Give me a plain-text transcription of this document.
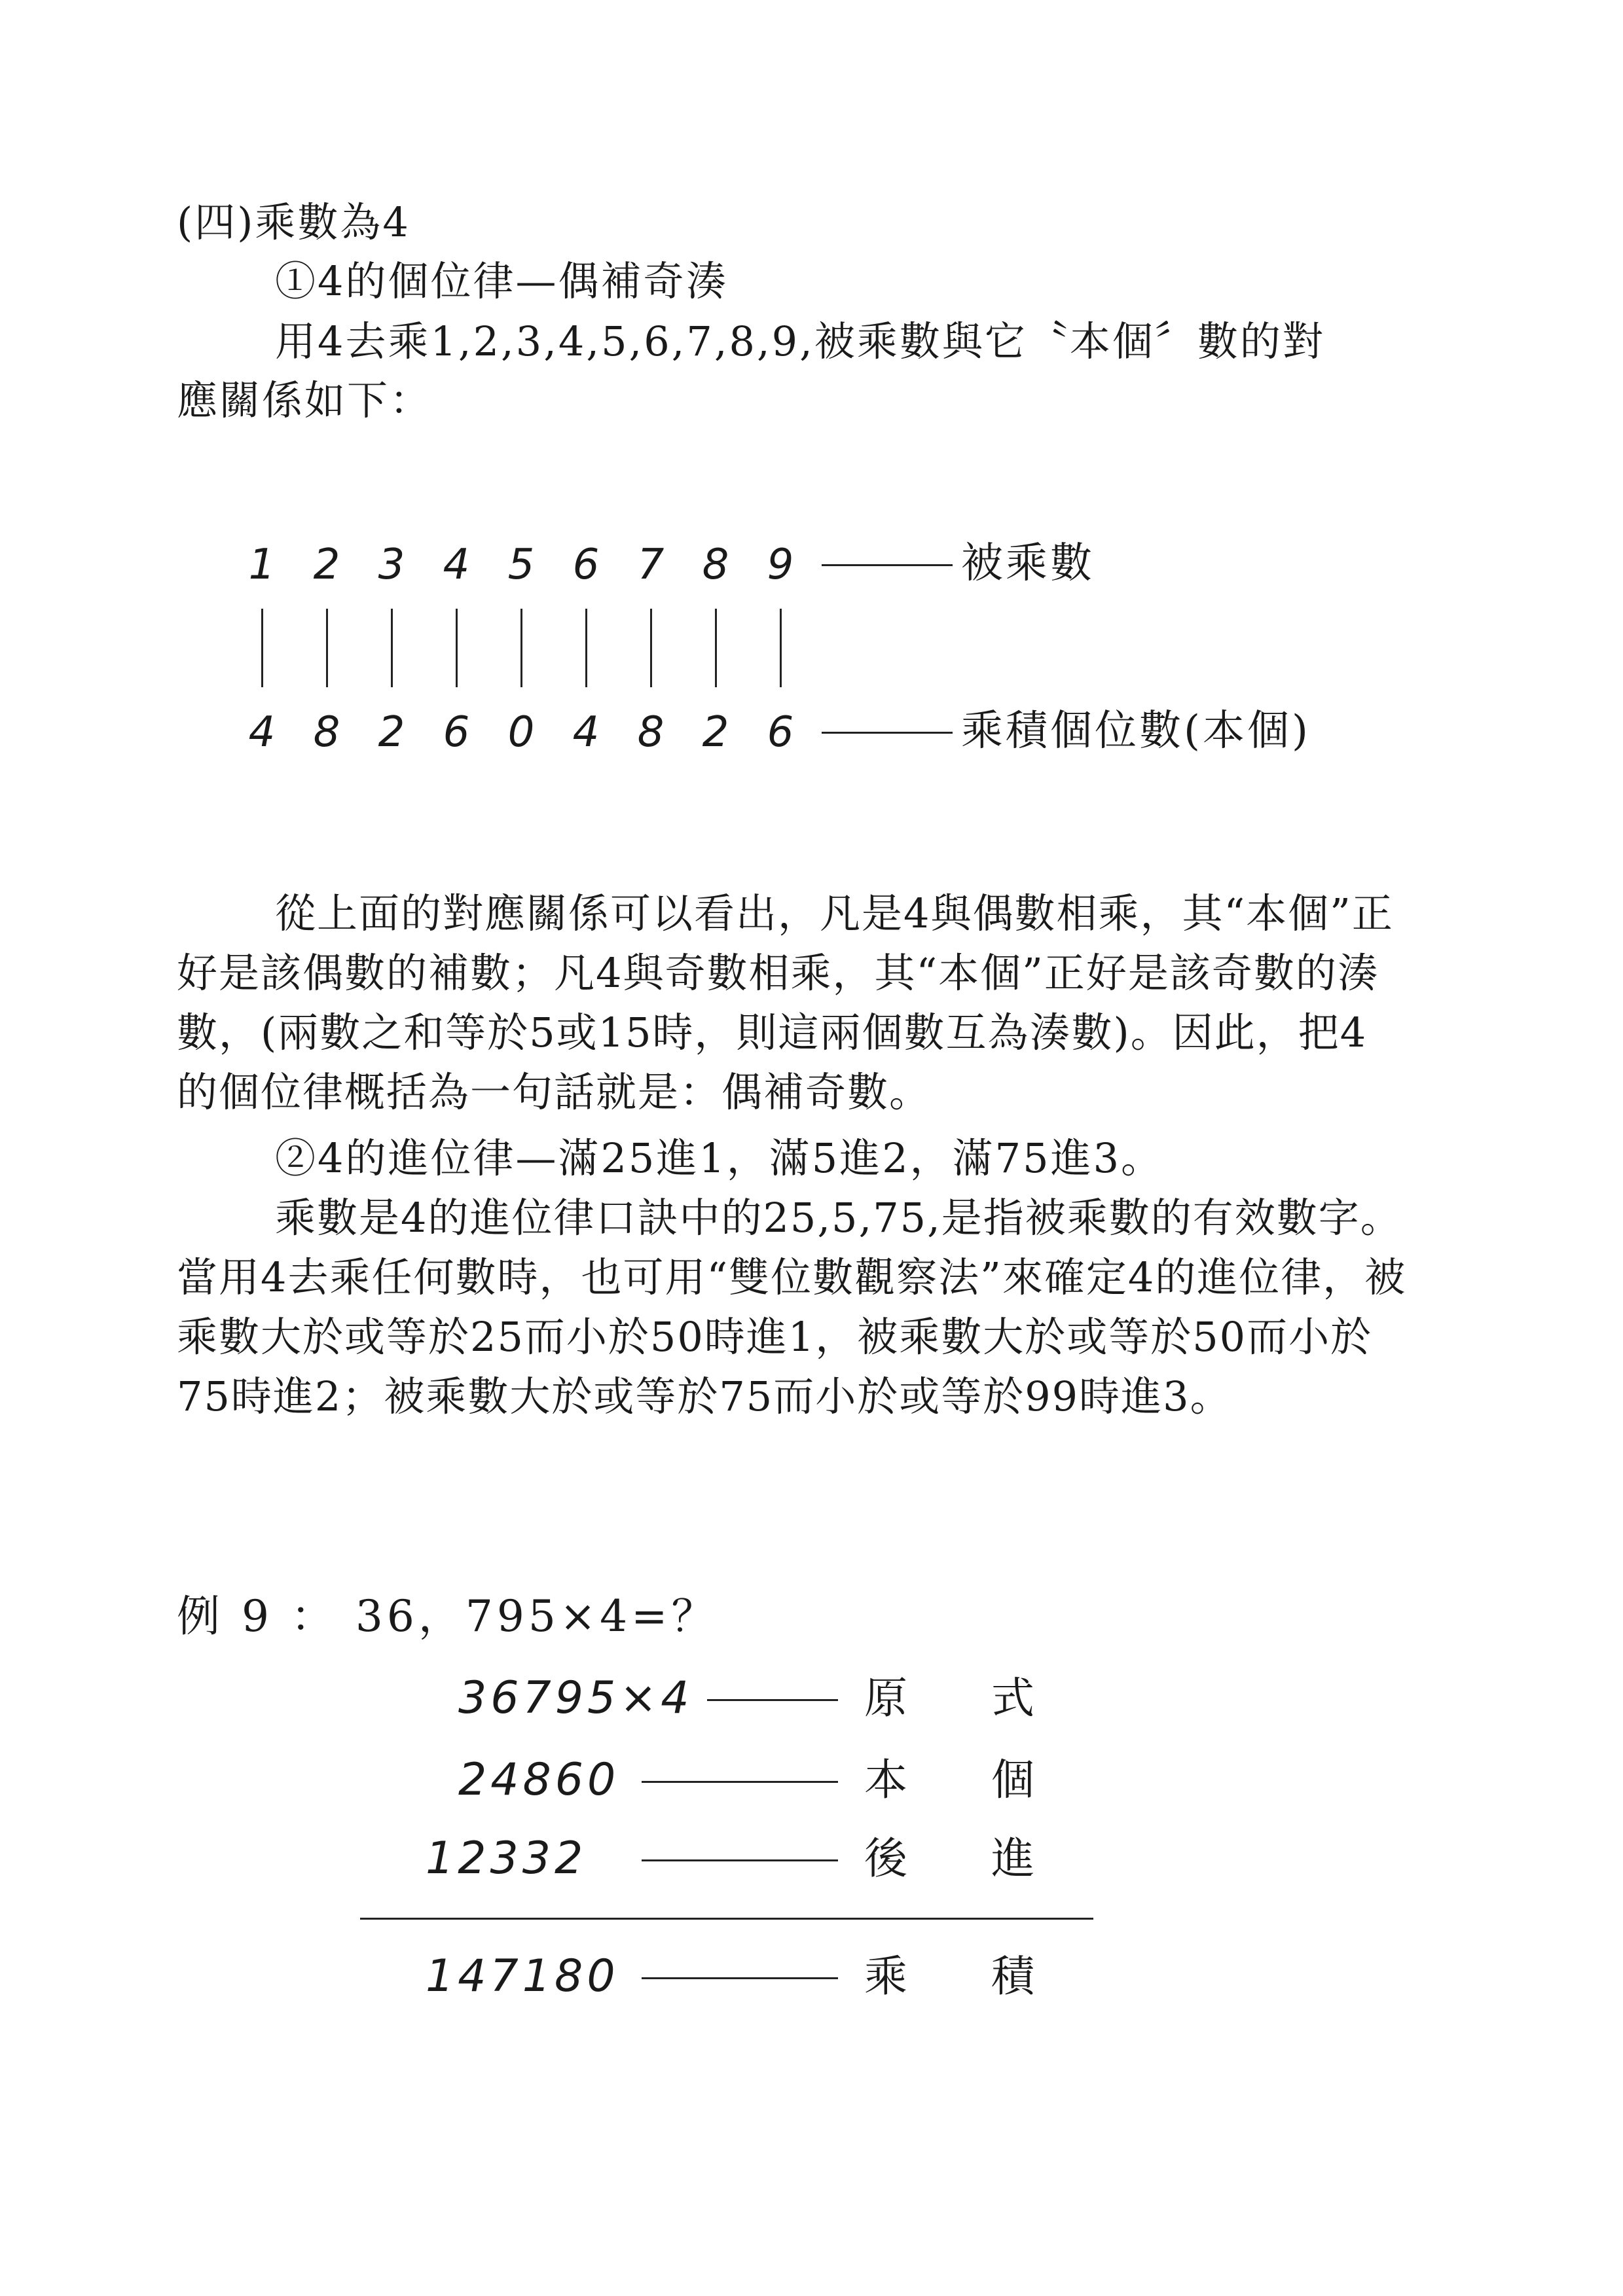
(四)乘數為4
①4的個位律—偶補奇湊
用4去乘1,2,3,4,5,6,7,8,9,被乘數與它〝本個〞數的對
應關係如下：
1 2 3 4 5 6 7 8 9
4 8 2 6 0 4 8 2 6
被乘數
乘積個位數(本個)

從上面的對應關係可以看出，凡是4與偶數相乘，其“本個”正好是該偶數的補數；凡4與奇數相乘，其“本個”正好是該奇數的湊數，(兩數之和等於5或15時，則這兩個數互為湊數)。因此，把4的個位律概括為一句話就是：偶補奇數。

②4的進位律—滿25進1，滿5進2，滿75進3。

乘數是4的進位律口訣中的25,5,75,是指被乘數的有效數字。當用4去乘任何數時，也可用“雙位數觀察法”來確定4的進位律，被乘數大於或等於25而小於50時進1，被乘數大於或等於50而小於75時進2；被乘數大於或等於75而小於或等於99時進3。

例 9 ： 36，795×4=？
36795×4	原 式
24860	本 個
12332	後 進
147180	乘 積
